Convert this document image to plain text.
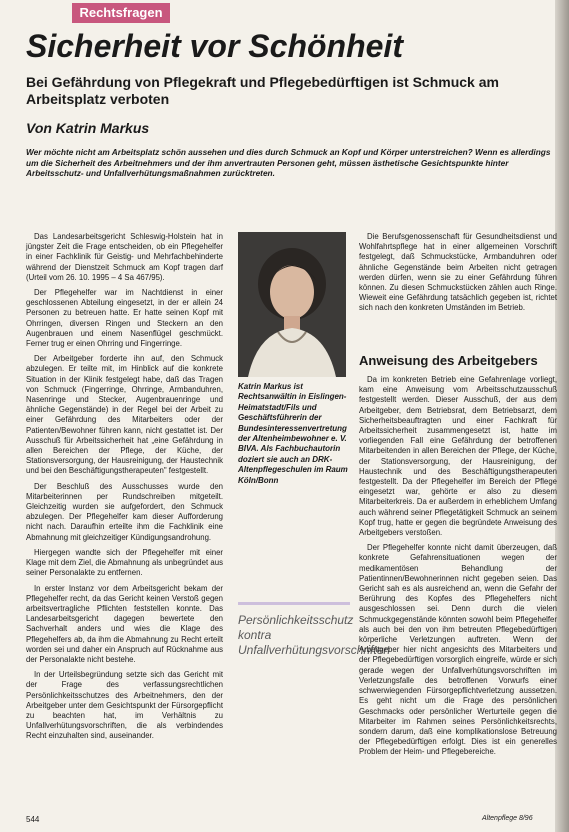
Rechtsfragen
Sicherheit vor Schönheit
Bei Gefährdung von Pflegekraft und Pflegebedürftigen ist Schmuck am Arbeitsplatz verboten

Von Katrin Markus

Wer möchte nicht am Arbeitsplatz schön aussehen und dies durch Schmuck an Kopf und Körper unterstreichen? Wenn es allerdings um die Sicherheit des Arbeitnehmers und der ihm anvertrauten Personen geht, müssen ästhetische Gesichtspunkte hinter Arbeitsschutz- und Unfallverhütungsmaßnahmen zurücktreten.

Das Landesarbeitsgericht Schleswig-Holstein hat in jüngster Zeit die Frage entscheiden, ob ein Pflegehelfer in einer Fachklinik für Geistig- und Mehrfachbehinderte während der Dienstzeit Schmuck am Kopf tragen darf (Urteil vom 26. 10. 1995 – 4 Sa 467/95).

Der Pflegehelfer war im Nachtdienst in einer geschlossenen Abteilung eingesetzt, in der er allein 24 Personen zu betreuen hatte. Er hatte seinen Kopf mit Ohrringen, diversen Ringen und Steckern an den Augenbrauen und einem Nasenflügel geschmückt. Ferner trug er einen Ohrring und Fingerringe.

Der Arbeitgeber forderte ihn auf, den Schmuck abzulegen. Er teilte mit, im Hinblick auf die konkrete Situation in der Klinik festgelegt habe, daß das Tragen von Schmuck (Fingerringe, Ohrringe, Armbanduhren, Nasenringe und Stecker, Augenbrauenringe und ähnliche Gegenstände) in der Regel bei der Arbeit zu einer Gefährdung des Mitarbeiters oder der Patienten/Bewohner führen kann, nicht gestattet ist. Der Ausschuß für Arbeitssicherheit hat „eine Gefährdung in allen Bereichen der Pflege, der Küche, der Stationsversorgung, der Hausreinigung, der Haustechnik und bei den Beschäftigungstherapeuten" festgestellt.

Der Beschluß des Ausschusses wurde den Mitarbeiterinnen per Rundschreiben mitgeteilt. Gleichzeitig wurden sie aufgefordert, den Schmuck abzulegen. Der Pflegehelfer kam dieser Aufforderung nicht nach. Daraufhin erteilte ihm die Fachklinik eine Abmahnung mit gleichzeitiger Kündigungsandrohung.

Hiergegen wandte sich der Pflegehelfer mit einer Klage mit dem Ziel, die Abmahnung als unbegründet aus seiner Personalakte zu entfernen.

In erster Instanz vor dem Arbeitsgericht bekam der Pflegehelfer recht, da das Gericht keinen Verstoß gegen arbeitsvertragliche Pflichten feststellen konnte. Das Landesarbeitsgericht dagegen bewertete den Sachverhalt anders und wies die Klage des Pflegehelfers ab, da ihm die Abmahnung zu Recht erteilt worden sei und daher ein Anspruch auf Rücknahme aus der Personalakte nicht bestehe.

In der Urteilsbegründung setzte sich das Gericht mit der Frage des verfassungsrechtlichen Persönlichkeitsschutzes des Arbeitnehmers, den der Arbeitgeber unter dem Gesichtspunkt der Fürsorgepflicht zu beachten hat, im Verhältnis zu Unfallverhütungsvorschriften, die als verbindendes Recht einzuhalten sind, auseinander.

Katrin Markus ist Rechtsanwältin in Eislingen-Heimatstadt/Fils und Geschäftsführerin der Bundesinteressenvertretung der Altenheimbewohner e. V. BIVA. Als Fachbuchautorin doziert sie auch an DRK-Altenpflegeschulen im Raum Köln/Bonn

Persönlichkeitsschutz kontra Unfallverhütungsvorschriften

Die Berufsgenossenschaft für Gesundheitsdienst und Wohlfahrtspflege hat in einer allgemeinen Vorschrift festgelegt, daß Schmuckstücke, Armbanduhren oder ähnliche Gegenstände beim Arbeiten nicht getragen werden dürfen, wenn sie zu einer Gefährdung führen können. Zu diesen Schmuckstücken zählen auch Ringe. Wieweit eine Gefährdung tatsächlich gegeben ist, richtet sich nach den konkreten Umständen im Betrieb.

Anweisung des Arbeitgebers

Da im konkreten Betrieb eine Gefahrenlage vorliegt, kam eine Anweisung vom Arbeitsschutzausschuß festgestellt werden. Dieser Ausschuß, der aus dem Arbeitgeber, dem Betriebsrat, dem Betriebsarzt, dem Sicherheitsbeauftragten und einer Fachkraft für Arbeitssicherheit zusammengesetzt ist, hatte im vorliegenden Fall eine Gefährdung der betroffenen Mitarbeitenden in allen Bereichen der Pflege, der Küche, der Stationsversorgung, der Hausreinigung, der Haustechnik und des Beschäftigungstherapeuten festgestellt. Da der Pflegehelfer im Bereich der Pflege eingesetzt war, gehörte er also zu diesem Mitarbeiterkreis. Da er außerdem in erheblichem Umfang auch während seiner Pflegetätigkeit Schmuck an seinem Kopf trug, hatte er gegen die begründete Anweisung des Arbeitgebers verstoßen.

Der Pflegehelfer konnte nicht damit überzeugen, daß konkrete Gefahrensituationen wegen der medikamentösen Behandlung der Patientinnen/Bewohnerinnen nicht gegeben seien. Das Gericht sah es als ausreichend an, wenn die Gefahr der Berührung des Kopfes des Pflegehelfers nicht ausgeschlossen sei. Denn durch die vielen Schmuckgegenstände könnten sowohl beim Pflegehelfer als auch bei den von ihm betreuten Pflegebedürftigen körperliche Verletzungen auftreten. Wenn der Arbeitgeber hier nicht angesichts des Mitarbeiters und der Pflegebedürftigen vorsorglich eingreife, würde er sich gerade wegen der Unfallverhütungsvorschriften im Verletzungsfalle des betroffenen Vorwurfs einer schwerwiegenden Fürsorgepflichtverletzung aussetzen. Es geht nicht um die Frage des persönlichen Geschmacks oder persönlicher Werturteile gegen die Mitarbeiter im Rahmen seines Persönlichkeitsrechts, sondern darum, daß eine komplikationslose Betreuung der Pflegebedürftigen erfolgt. Dies ist ein generelles Problem der Heim- und Pflegebereiche.

544	Altenpflege 8/96
